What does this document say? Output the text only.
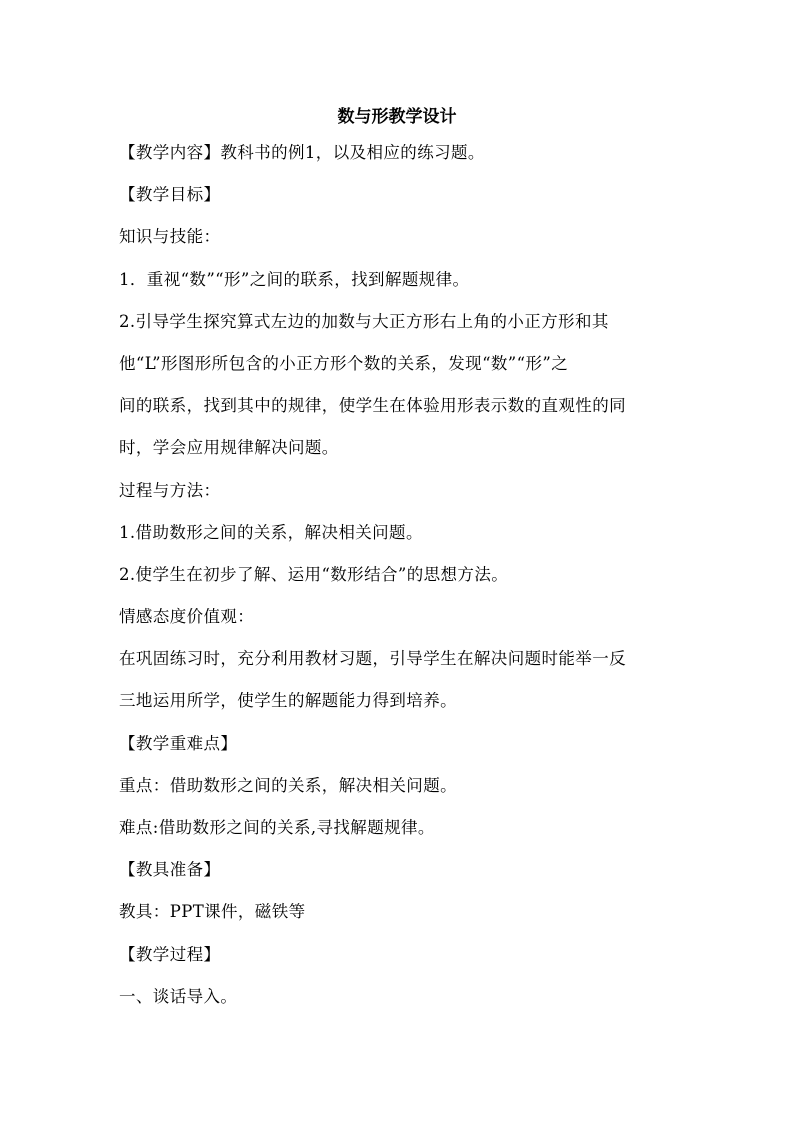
数与形教学设计

【教学内容】教科书的例1，以及相应的练习题。

【教学目标】

知识与技能：

1．重视“数”“形”之间的联系，找到解题规律。

2.引导学生探究算式左边的加数与大正方形右上角的小正方形和其

他“L”形图形所包含的小正方形个数的关系，发现“数”“形”之

间的联系，找到其中的规律，使学生在体验用形表示数的直观性的同

时，学会应用规律解决问题。

过程与方法：

1.借助数形之间的关系，解决相关问题。

2.使学生在初步了解、运用“数形结合”的思想方法。

情感态度价值观：

在巩固练习时，充分利用教材习题，引导学生在解决问题时能举一反

三地运用所学，使学生的解题能力得到培养。

【教学重难点】

重点：借助数形之间的关系，解决相关问题。

难点:借助数形之间的关系,寻找解题规律。

【教具准备】

教具：PPT课件，磁铁等

【教学过程】

一、谈话导入。
